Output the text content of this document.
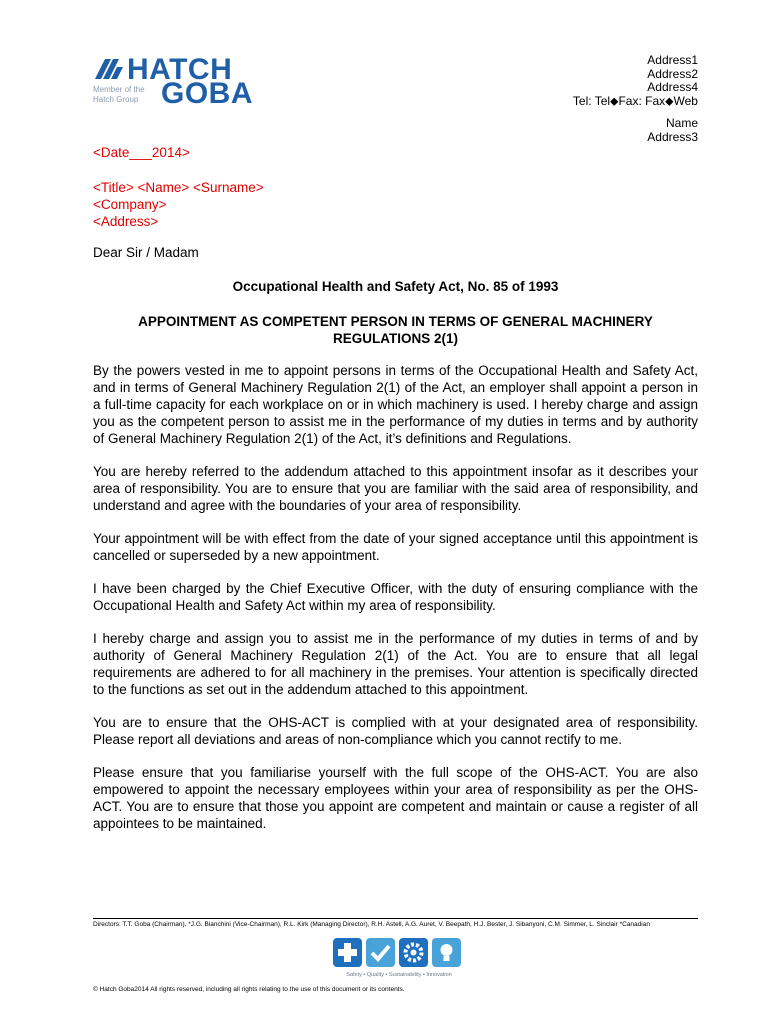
HATCH
Member of the
Hatch Group GOBA
Address1
Address2
Address4
Tel: Tel⬥Fax: Fax⬥Web
Name
Address3
<Date___2014>
<Title> <Name> <Surname>
<Company>
<Address>
Dear Sir / Madam
Occupational Health and Safety Act, No. 85 of 1993
APPOINTMENT AS COMPETENT PERSON IN TERMS OF GENERAL MACHINERY REGULATIONS 2(1)

By the powers vested in me to appoint persons in terms of the Occupational Health and Safety Act, and in terms of General Machinery Regulation 2(1) of the Act, an employer shall appoint a person in a full-time capacity for each workplace on or in which machinery is used. I hereby charge and assign you as the competent person to assist me in the performance of my duties in terms and by authority of General Machinery Regulation 2(1) of the Act, it’s definitions and Regulations.

You are hereby referred to the addendum attached to this appointment insofar as it describes your area of responsibility. You are to ensure that you are familiar with the said area of responsibility, and understand and agree with the boundaries of your area of responsibility.

Your appointment will be with effect from the date of your signed acceptance until this appointment is cancelled or superseded by a new appointment.

I have been charged by the Chief Executive Officer, with the duty of ensuring compliance with the Occupational Health and Safety Act within my area of responsibility.

I hereby charge and assign you to assist me in the performance of my duties in terms of and by authority of General Machinery Regulation 2(1) of the Act. You are to ensure that all legal requirements are adhered to for all machinery in the premises. Your attention is specifically directed to the functions as set out in the addendum attached to this appointment.

You are to ensure that the OHS-ACT is complied with at your designated area of responsibility. Please report all deviations and areas of non-compliance which you cannot rectify to me.

Please ensure that you familiarise yourself with the full scope of the OHS-ACT. You are also empowered to appoint the necessary employees within your area of responsibility as per the OHS-ACT. You are to ensure that those you appoint are competent and maintain or cause a register of all appointees to be maintained.

Directors: T.T. Goba (Chairman), *J.G. Bianchini (Vice-Chairman), R.L. Kirk (Managing Director), R.H. Astell, A.G. Auret, V. Beepath, H.J. Bester, J. Sibanyoni, C.M. Simmer, L. Sinclair *Canadian
Safety • Quality • Sustainability • Innovation
© Hatch Goba2014 All rights reserved, including all rights relating to the use of this document or its contents.
